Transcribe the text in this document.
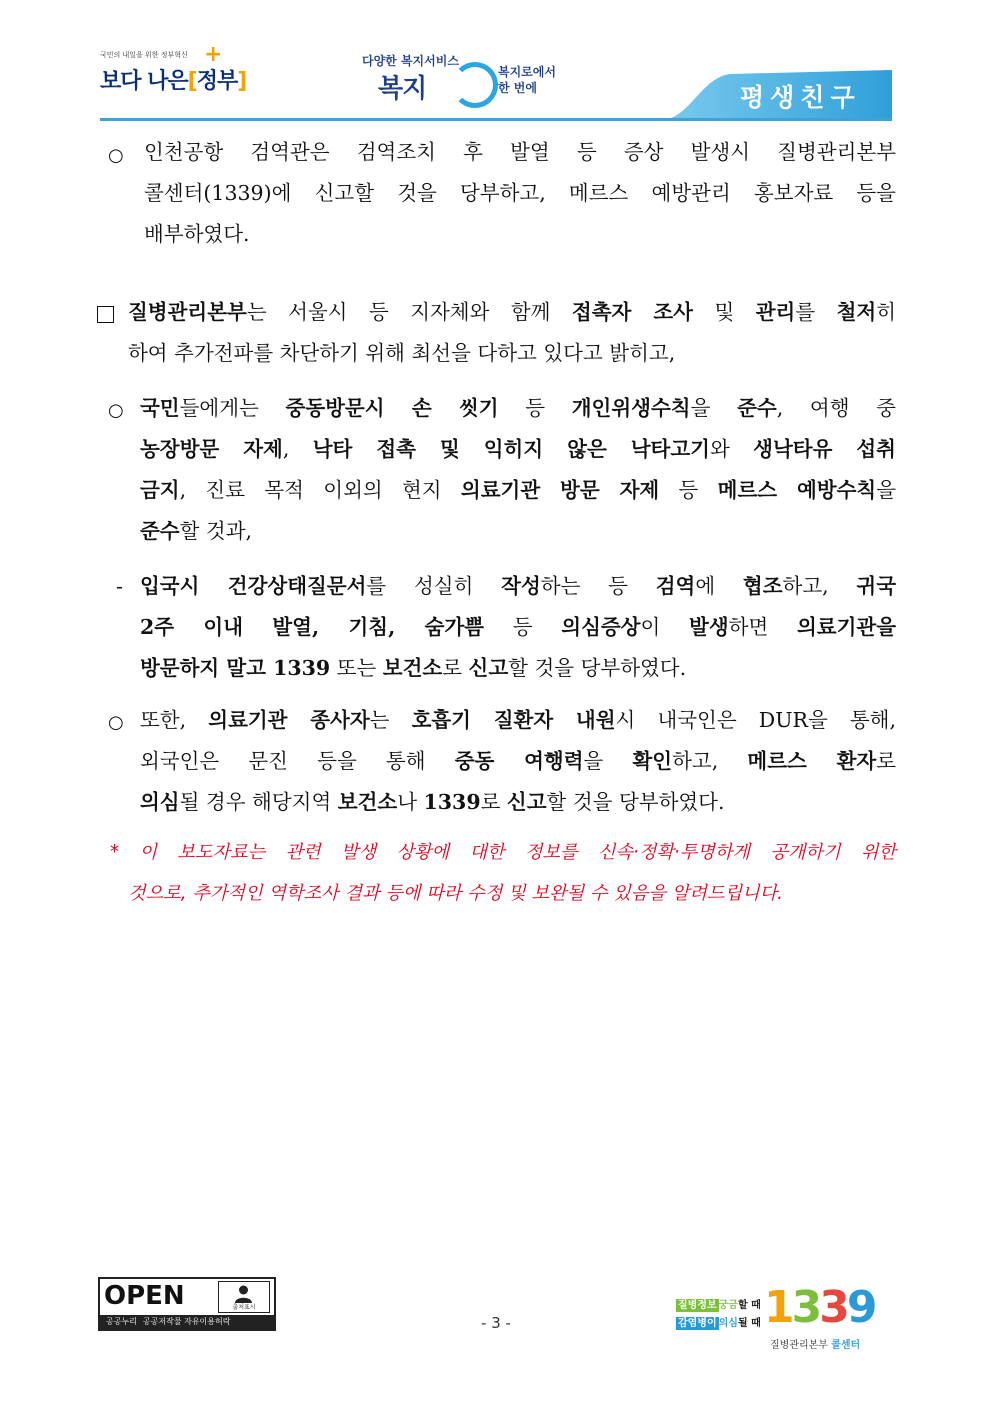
국민의 내일을 위한 정부혁신
보다 나은[정부]
+	다양한 복지서비스
복지
복지로에서
한 번에	평생친구
○ 인천공항 검역관은 검역조치 후 발열 등 증상 발생시 질병관리본부
콜센터(1339)에 신고할 것을 당부하고, 메르스 예방관리 홍보자료 등을
배부하였다.
질병관리본부는 서울시 등 지자체와 함께 접촉자 조사 및 관리를 철저히
하여 추가전파를 차단하기 위해 최선을 다하고 있다고 밝히고,
○ 국민들에게는 중동방문시 손 씻기 등 개인위생수칙을 준수, 여행 중
농장방문 자제, 낙타 접촉 및 익히지 않은 낙타고기와 생낙타유 섭취
금지, 진료 목적 이외의 현지 의료기관 방문 자제 등 메르스 예방수칙을
준수할 것과,
- 입국시 건강상태질문서를 성실히 작성하는 등 검역에 협조하고, 귀국
2주 이내 발열, 기침, 숨가쁨 등 의심증상이 발생하면 의료기관을
방문하지 말고 1339 또는 보건소로 신고할 것을 당부하였다.
○ 또한, 의료기관 종사자는 호흡기 질환자 내원시 내국인은 DUR을 통해,
외국인은 문진 등을 통해 중동 여행력을 확인하고, 메르스 환자로
의심될 경우 해당지역 보건소나 1339로 신고할 것을 당부하였다.
* 이 보도자료는 관련 발생 상황에 대한 정보를 신속·정확·투명하게 공개하기 위한
것으로, 추가적인 역학조사 결과 등에 따라 수정 및 보완될 수 있음을 알려드립니다.
OPEN	출처표시
공공누리 공공저작물 자유이용허락	- 3 -
질병정보 궁금할 때
감염병이 의심될 때 1339
질병관리본부 콜센터
